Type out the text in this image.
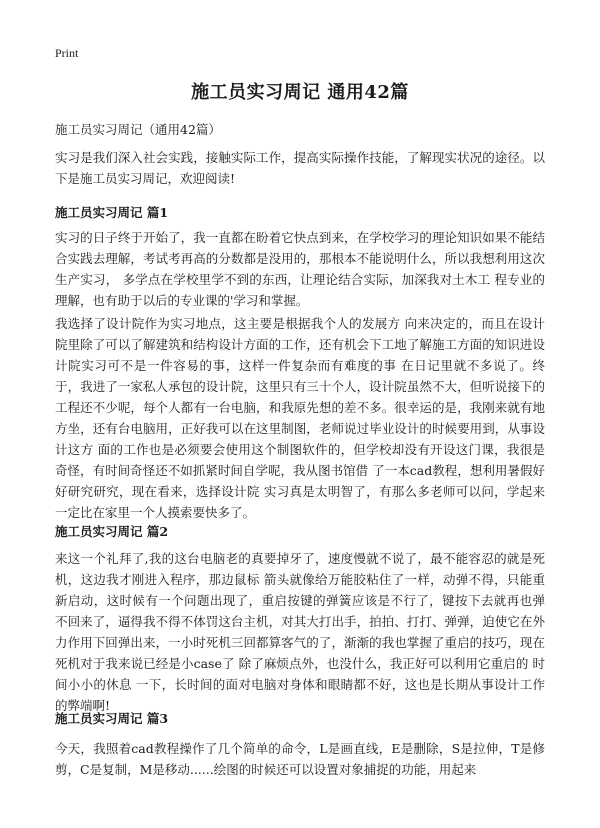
Print
施工员实习周记 通用42篇

施工员实习周记（通用42篇）

实习是我们深入社会实践，接触实际工作，提高实际操作技能，了解现实状况的途径。以下是施工员实习周记，欢迎阅读!

施工员实习周记 篇1

实习的日子终于开始了，我一直都在盼着它快点到来，在学校学习的理论知识如果不能结合实践去理解，考试考再高的分数都是没用的，那根本不能说明什么，所以我想利用这次生产实习， 多学点在学校里学不到的东西，让理论结合实际，加深我对土木工 程专业的理解，也有助于以后的专业课的'学习和掌握。

我选择了设计院作为实习地点，这主要是根据我个人的发展方 向来决定的，而且在设计院里除了可以了解建筑和结构设计方面的工作，还有机会下工地了解施工方面的知识进设计院实习可不是一件容易的事，这样一件复杂而有难度的事 在日记里就不多说了。终于，我进了一家私人承包的设计院，这里只有三十个人，设计院虽然不大，但听说接下的工程还不少呢，每个人都有一台电脑，和我原先想的差不多。很幸运的是，我刚来就有地方坐，还有台电脑用，正好我可以在这里制图，老师说过毕业设计的时候要用到，从事设计这方 面的工作也是必须要会使用这个制图软件的，但学校却没有开设这门课，我很是奇怪，有时间奇怪还不如抓紧时间自学呢，我从图书馆借 了一本cad教程，想利用暑假好好研究研究，现在看来，选择设计院 实习真是太明智了，有那么多老师可以问，学起来一定比在家里一个人摸索要快多了。

施工员实习周记 篇2

来这一个礼拜了,我的这台电脑老的真要掉牙了，速度慢就不说了，最不能容忍的就是死机，这边我才刚进入程序，那边鼠标 箭头就像给万能胶粘住了一样，动弹不得，只能重新启动，这时候有一个问题出现了，重启按键的弹簧应该是不行了，键按下去就再也弹 不回来了，逼得我不得不体罚这台主机，对其大打出手，拍拍、打打、弹弹，迫使它在外力作用下回弹出来，一小时死机三回都算客气的了，渐渐的我也掌握了重启的技巧，现在死机对于我来说已经是小case了 除了麻烦点外，也没什么，我正好可以利用它重启的 时间小小的休息 一下，长时间的面对电脑对身体和眼睛都不好，这也是长期从事设计工作的弊端啊!

施工员实习周记 篇3

今天，我照着cad教程操作了几个简单的命令，L是画直线，E是删除，S是拉伸，T是修剪，C是复制，M是移动......绘图的时候还可以设置对象捕捉的功能，用起来
